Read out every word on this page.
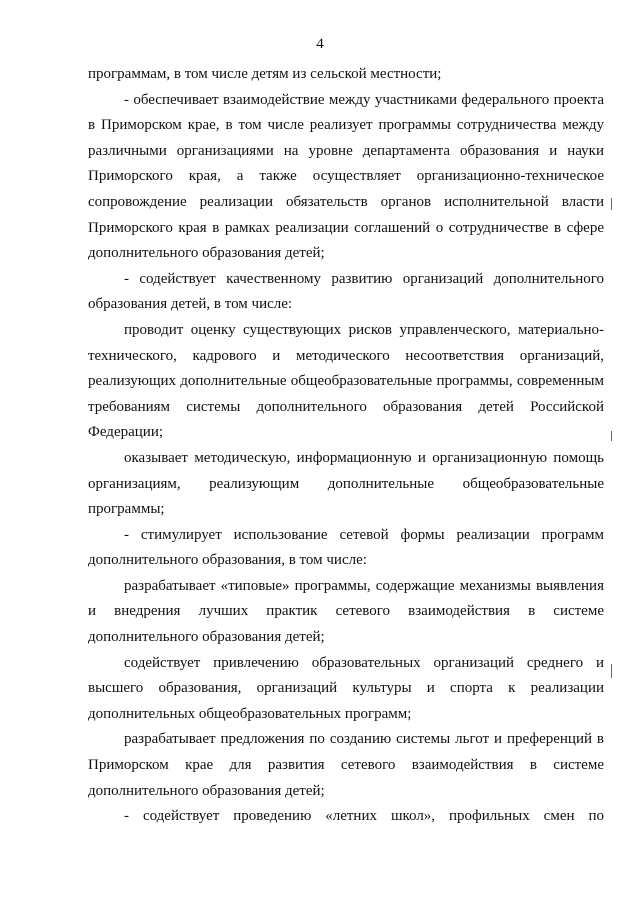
4
программам, в том числе детям из сельской местности;
- обеспечивает взаимодействие между участниками федерального проекта
в Приморском крае, в том числе реализует программы сотрудничества между
различными организациями на уровне департамента образования и науки
Приморского края, а также осуществляет организационно-техническое
сопровождение реализации обязательств органов исполнительной власти
Приморского края в рамках реализации соглашений о сотрудничестве в сфере
дополнительного образования детей;
- содействует качественному развитию организаций дополнительного
образования детей, в том числе:
проводит оценку существующих рисков управленческого, материально-
технического, кадрового и методического несоответствия организаций,
реализующих дополнительные общеобразовательные программы, современным
требованиям системы дополнительного образования детей Российской
Федерации;
оказывает методическую, информационную и организационную помощь
организациям, реализующим дополнительные общеобразовательные
программы;
- стимулирует использование сетевой формы реализации программ
дополнительного образования, в том числе:
разрабатывает «типовые» программы, содержащие механизмы выявления
и внедрения лучших практик сетевого взаимодействия в системе
дополнительного образования детей;
содействует привлечению образовательных организаций среднего и
высшего образования, организаций культуры и спорта к реализации
дополнительных общеобразовательных программ;
разрабатывает предложения по созданию системы льгот и преференций в
Приморском крае для развития сетевого взаимодействия в системе
дополнительного образования детей;
- содействует проведению «летних школ», профильных смен по
